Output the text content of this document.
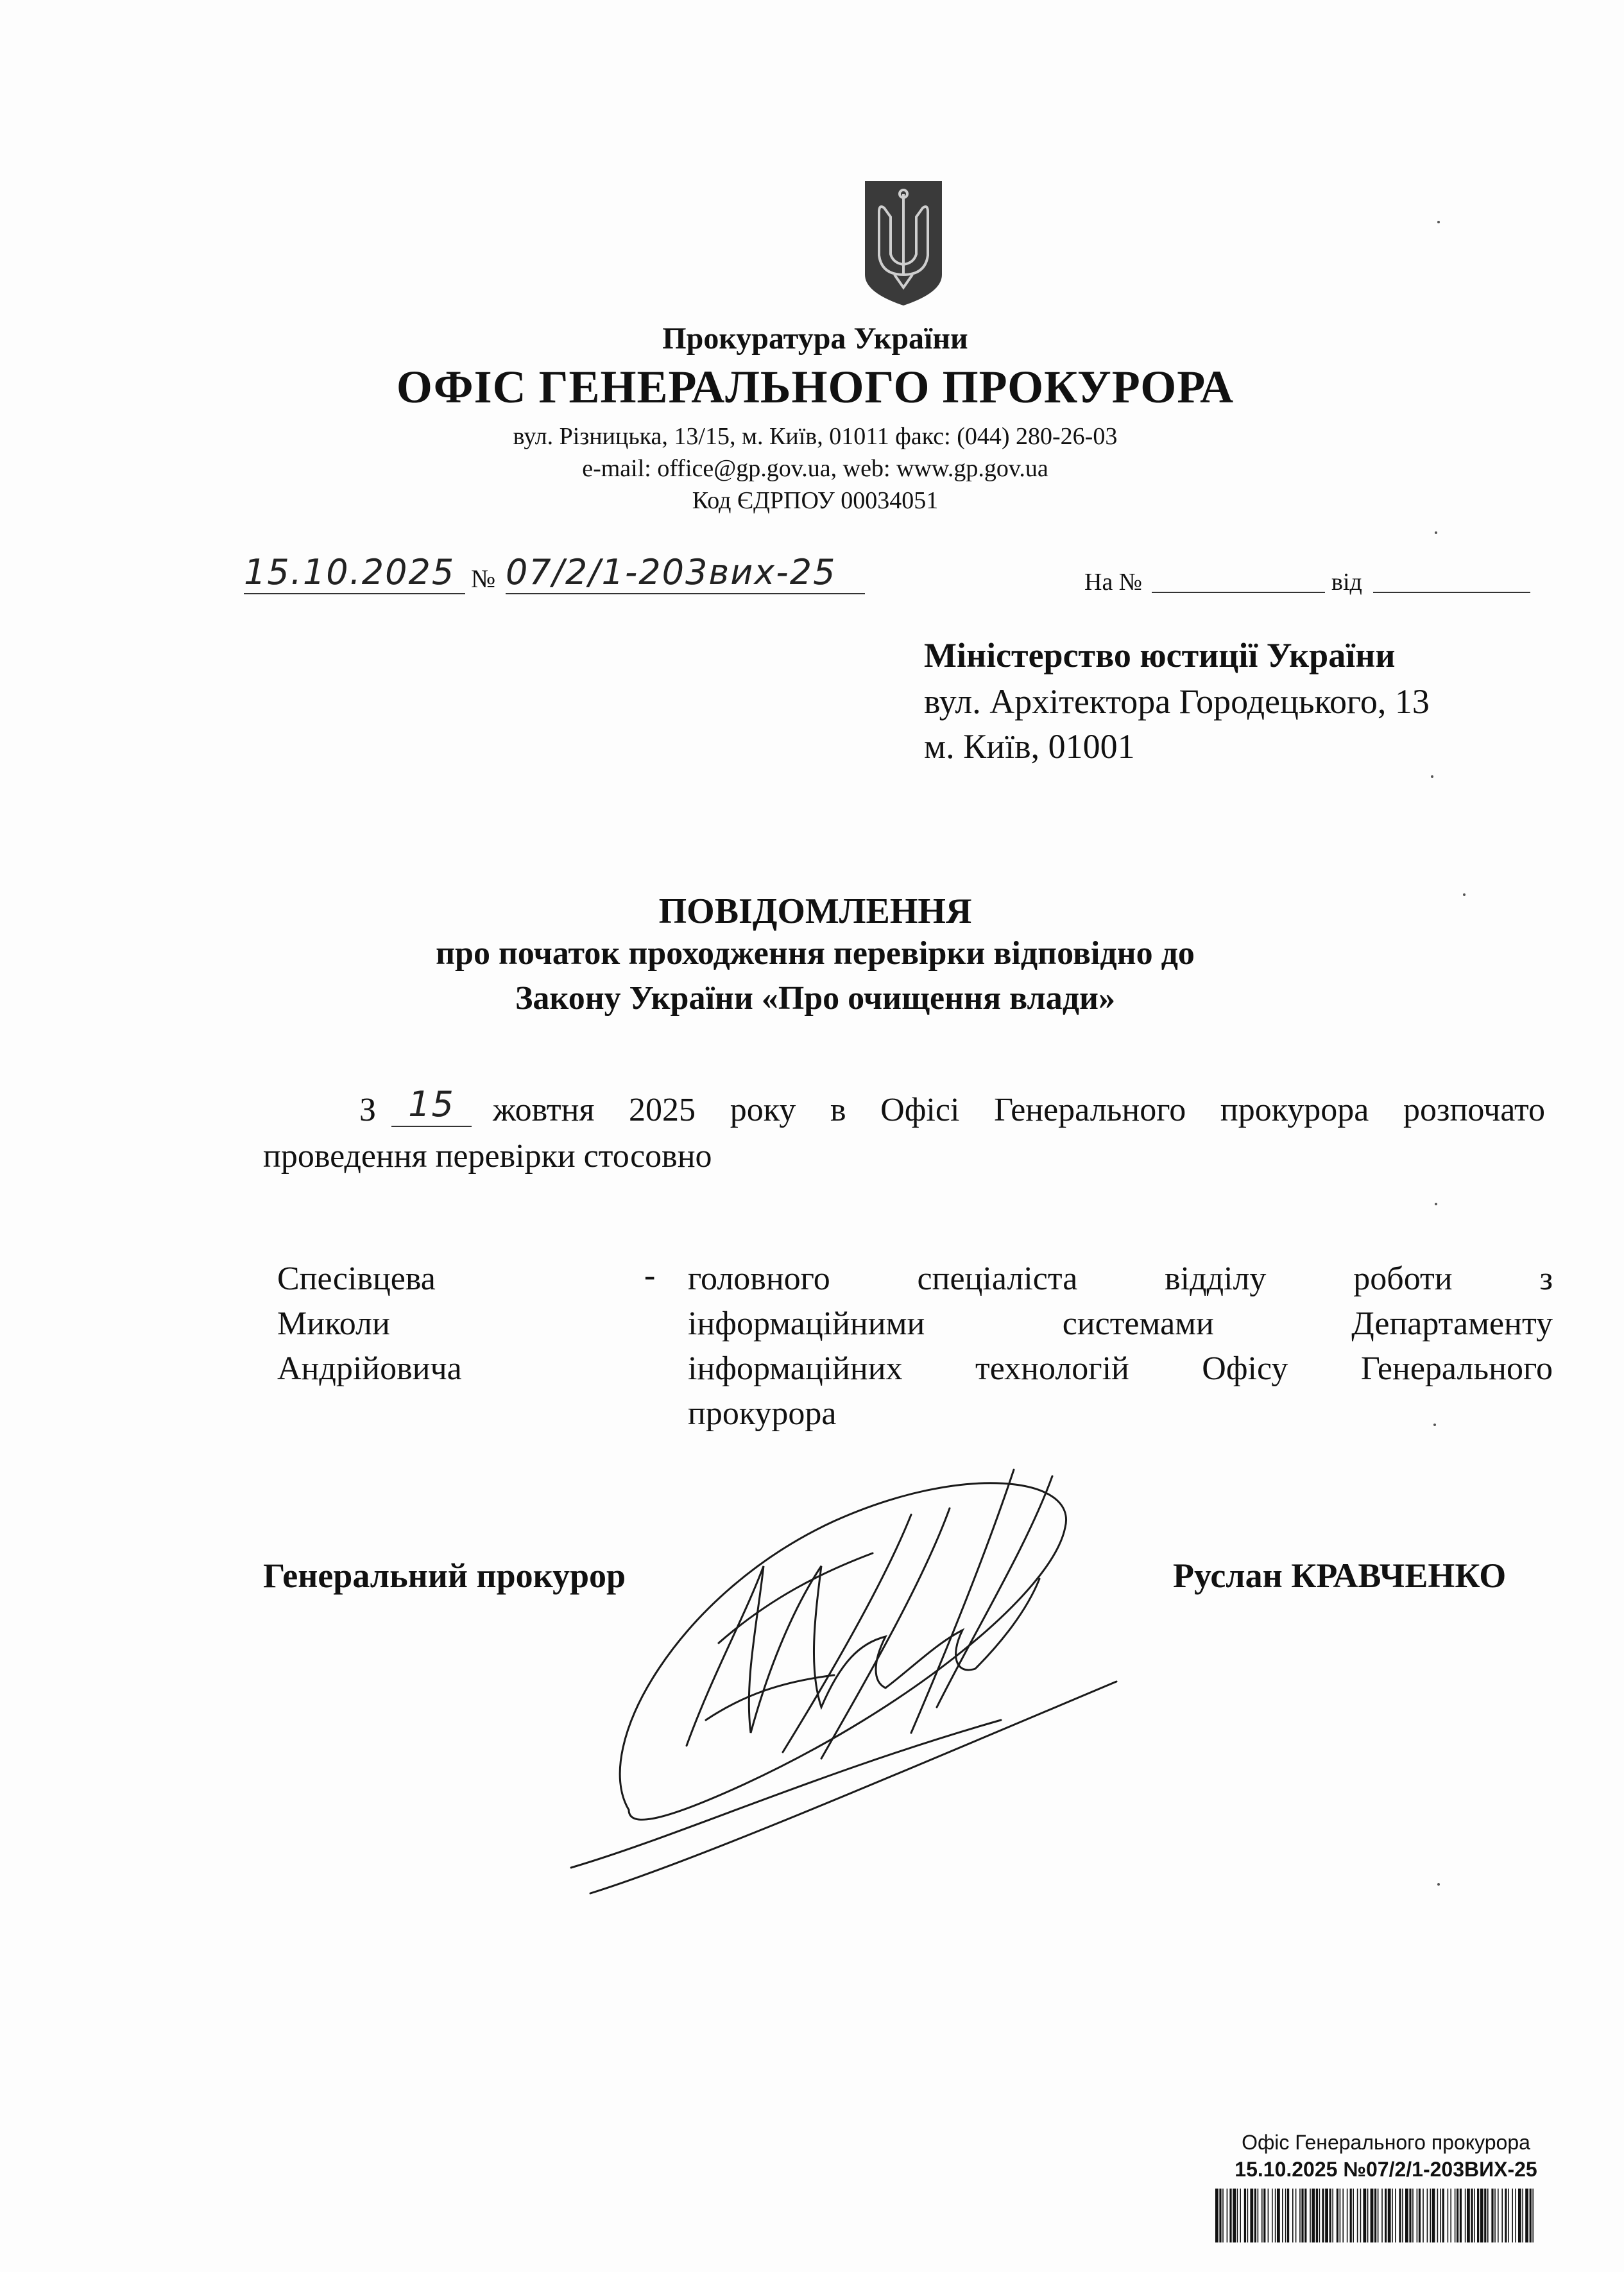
Прокуратура України
ОФІС ГЕНЕРАЛЬНОГО ПРОКУРОРА
вул. Різницька, 13/15, м. Київ, 01011 факс: (044) 280-26-03
e-mail: office@gp.gov.ua, web: www.gp.gov.ua
Код ЄДРПОУ 00034051
15.10.2025 № 07/2/1-203вих-25	На №	від
Міністерство юстиції України
вул. Архітектора Городецького, 13
м. Київ, 01001
ПОВІДОМЛЕННЯ
про початок проходження перевірки відповідно до
Закону України «Про очищення влади»
З 15	жовтня 2025 року в Офісі Генерального прокурора розпочато
проведення перевірки стосовно
Спесівцева
Миколи
Андрійовича
- головного спеціаліста відділу роботи з
інформаційними системами Департаменту
інформаційних технологій Офісу Генерального
прокурора
Генеральний прокурор	Руслан КРАВЧЕНКО
Офіс Генерального прокурора
15.10.2025 №07/2/1-203ВИХ-25
